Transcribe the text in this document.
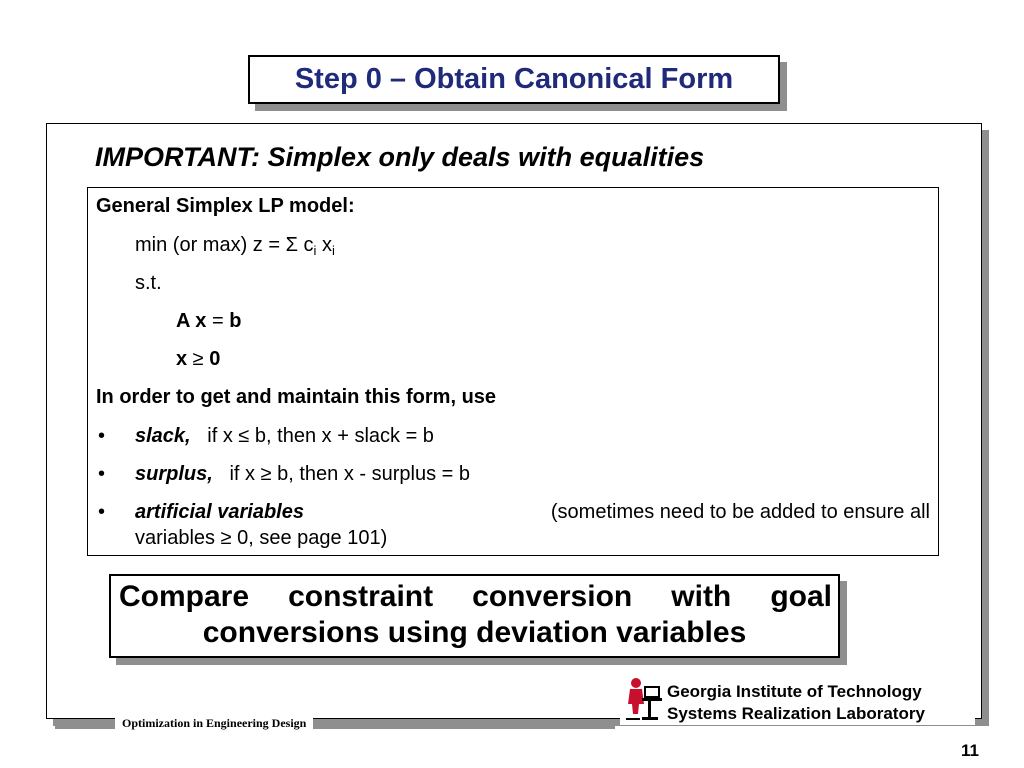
Step 0 – Obtain Canonical Form
IMPORTANT: Simplex only deals with equalities
General Simplex LP model:
min (or max) z = Σ $c_i$ $x_i$
s.t.
A x = b
x ≥ 0
In order to get and maintain this form, use
• slack, if x ≤ b, then x + slack = b
• surplus, if x ≥ b, then x - surplus = b
• artificial variables	(sometimes need to be added to ensure all
variables ≥ 0, see page 101)
Compare constraint conversion with goal
conversions using deviation variables
Optimization in Engineering Design
Georgia Institute of Technology
Systems Realization Laboratory
11
